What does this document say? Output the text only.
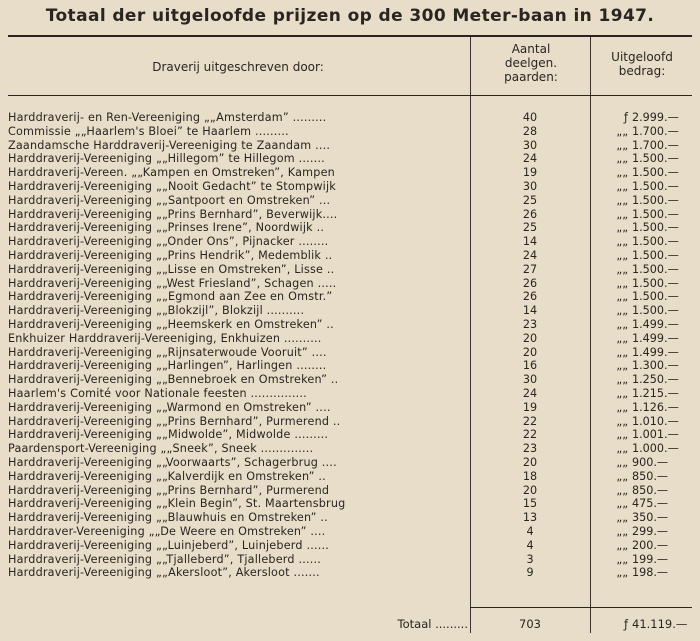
Totaal der uitgeloofde prijzen op de 300 Meter-baan in 1947.
Draverij uitgeschreven door:
Aantal
deelgen.
paarden:
Uitgeloofd
bedrag:
Harddraverij- en Ren-Vereeniging „„Amsterdam” .........	40	ƒ 2.999.—
Commissie „„Haarlem's Bloei” te Haarlem .........	28	„„ 1.700.—
Zaandamsche Harddraverij-Vereeniging te Zaandam ....	30	„„ 1.700.—
Harddraverij-Vereeniging „„Hillegom” te Hillegom .......	24	„„ 1.500.—
Harddraverij-Vereen. „„Kampen en Omstreken”, Kampen	19	„„ 1.500.—
Harddraverij-Vereeniging „„Nooit Gedacht” te Stompwijk	30	„„ 1.500.—
Harddraverij-Vereeniging „„Santpoort en Omstreken” ...	25	„„ 1.500.—
Harddraverij-Vereeniging „„Prins Bernhard”, Beverwijk....	26	„„ 1.500.—
Harddraverij-Vereeniging „„Prinses Irene”, Noordwijk ..	25	„„ 1.500.—
Harddraverij-Vereeniging „„Onder Ons”, Pijnacker ........	14	„„ 1.500.—
Harddraverij-Vereeniging „„Prins Hendrik”, Medemblik ..	24	„„ 1.500.—
Harddraverij-Vereeniging „„Lisse en Omstreken”, Lisse ..	27	„„ 1.500.—
Harddraverij-Vereeniging „„West Friesland”, Schagen .....	26	„„ 1.500.—
Harddraverij-Vereeniging „„Egmond aan Zee en Omstr.”	26	„„ 1.500.—
Harddraverij-Vereeniging „„Blokzijl”, Blokzijl ..........	14	„„ 1.500.—
Harddraverij-Vereeniging „„Heemskerk en Omstreken” ..	23	„„ 1.499.—
Enkhuizer Harddraverij-Vereeniging, Enkhuizen ..........	20	„„ 1.499.—
Harddraverij-Vereeniging „„Rijnsaterwoude Vooruit” ....	20	„„ 1.499.—
Harddraverij-Vereeniging „„Harlingen”, Harlingen ........	16	„„ 1.300.—
Harddraverij-Vereeniging „„Bennebroek en Omstreken” ..	30	„„ 1.250.—
Haarlem's Comité voor Nationale feesten ...............	24	„„ 1.215.—
Harddraverij-Vereeniging „„Warmond en Omstreken” ....	19	„„ 1.126.—
Harddraverij-Vereeniging „„Prins Bernhard”, Purmerend ..	22	„„ 1.010.—
Harddraverij-Vereeniging „„Midwolde”, Midwolde .........	22	„„ 1.001.—
Paardensport-Vereeniging „„Sneek”, Sneek ..............	23	„„ 1.000.—
Harddraverij-Vereeniging „„Voorwaarts”, Schagerbrug ....	20	„„ 900.—
Harddraverij-Vereeniging „„Kalverdijk en Omstreken” ..	18	„„ 850.—
Harddraverij-Vereeniging „„Prins Bernhard”, Purmerend	20	„„ 850.—
Harddraverij-Vereeniging „„Klein Begin”, St. Maartensbrug	15	„„ 475.—
Harddraverij-Vereeniging „„Blauwhuis en Omstreken” ..	13	„„ 350.—
Harddraver-Vereeniging „„De Weere en Omstreken” ....	4	„„ 299.—
Harddraverij-Vereeniging „„Luinjeberd”, Luinjeberd ......	4	„„ 200.—
Harddraverij-Vereeniging „„Tjalleberd”, Tjalleberd ......	3	„„ 199.—
Harddraverij-Vereeniging „„Akersloot”, Akersloot .......	9	„„ 198.—
Totaal .........	703	ƒ 41.119.—
